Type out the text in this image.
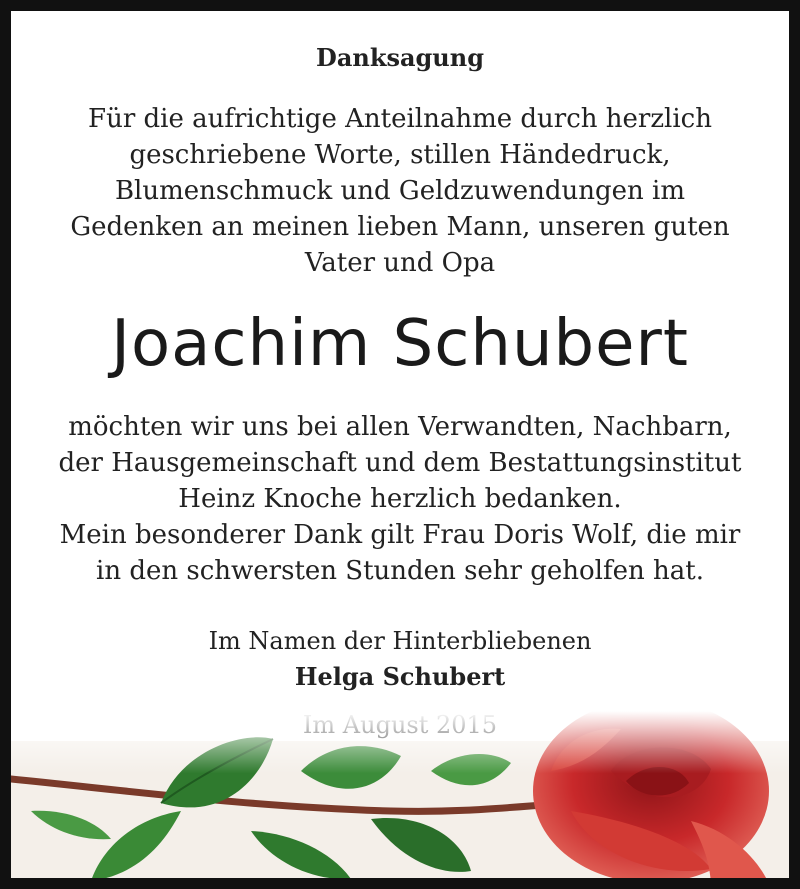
Danksagung
Für die aufrichtige Anteilnahme durch herzlich
geschriebene Worte, stillen Händedruck,
Blumenschmuck und Geldzuwendungen im
Gedenken an meinen lieben Mann, unseren guten
Vater und Opa
Joachim Schubert
möchten wir uns bei allen Verwandten, Nachbarn,
der Hausgemeinschaft und dem Bestattungsinstitut
Heinz Knoche herzlich bedanken.
Mein besonderer Dank gilt Frau Doris Wolf, die mir
in den schwersten Stunden sehr geholfen hat.
Im Namen der Hinterbliebenen
Helga Schubert
